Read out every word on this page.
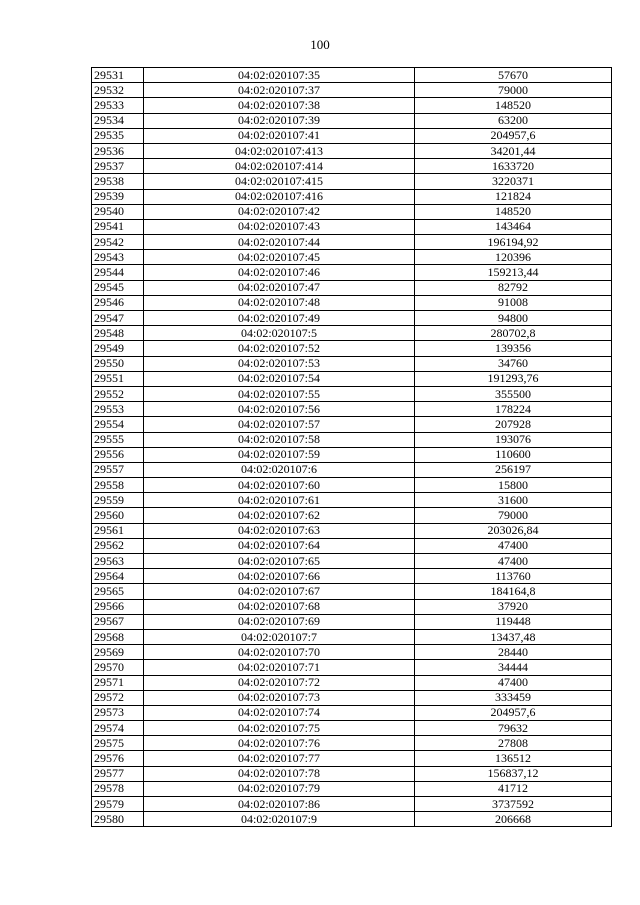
100
29531	04:02:020107:35	57670
29532	04:02:020107:37	79000
29533	04:02:020107:38	148520
29534	04:02:020107:39	63200
29535	04:02:020107:41	204957,6
29536	04:02:020107:413	34201,44
29537	04:02:020107:414	1633720
29538	04:02:020107:415	3220371
29539	04:02:020107:416	121824
29540	04:02:020107:42	148520
29541	04:02:020107:43	143464
29542	04:02:020107:44	196194,92
29543	04:02:020107:45	120396
29544	04:02:020107:46	159213,44
29545	04:02:020107:47	82792
29546	04:02:020107:48	91008
29547	04:02:020107:49	94800
29548	04:02:020107:5	280702,8
29549	04:02:020107:52	139356
29550	04:02:020107:53	34760
29551	04:02:020107:54	191293,76
29552	04:02:020107:55	355500
29553	04:02:020107:56	178224
29554	04:02:020107:57	207928
29555	04:02:020107:58	193076
29556	04:02:020107:59	110600
29557	04:02:020107:6	256197
29558	04:02:020107:60	15800
29559	04:02:020107:61	31600
29560	04:02:020107:62	79000
29561	04:02:020107:63	203026,84
29562	04:02:020107:64	47400
29563	04:02:020107:65	47400
29564	04:02:020107:66	113760
29565	04:02:020107:67	184164,8
29566	04:02:020107:68	37920
29567	04:02:020107:69	119448
29568	04:02:020107:7	13437,48
29569	04:02:020107:70	28440
29570	04:02:020107:71	34444
29571	04:02:020107:72	47400
29572	04:02:020107:73	333459
29573	04:02:020107:74	204957,6
29574	04:02:020107:75	79632
29575	04:02:020107:76	27808
29576	04:02:020107:77	136512
29577	04:02:020107:78	156837,12
29578	04:02:020107:79	41712
29579	04:02:020107:86	3737592
29580	04:02:020107:9	206668
